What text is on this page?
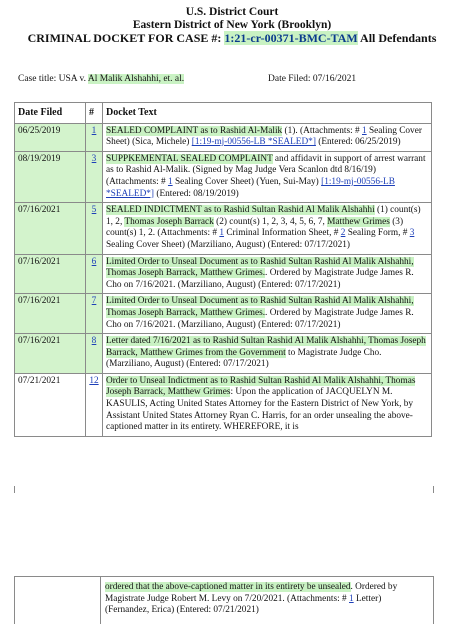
U.S. District Court
Eastern District of New York (Brooklyn)
CRIMINAL DOCKET FOR CASE #: 1:21-cr-00371-BMC-TAM All Defendants
Case title: USA v. Al Malik Alshahhi, et. al.	Date Filed: 07/16/2021
Date Filed	#	Docket Text
06/25/2019	1	SEALED COMPLAINT as to Rashid Al-Malik (1). (Attachments: # 1 Sealing Cover Sheet) (Sica, Michele) [1:19-mj-00556-LB *SEALED*] (Entered: 06/25/2019)
08/19/2019	3	SUPPKEMENTAL SEALED COMPLAINT and affidavit in support of arrest warrant as to Rashid Al-Malik. (Signed by Mag Judge Vera Scanlon dtd 8/16/19) (Attachments: # 1 Sealing Cover Sheet) (Yuen, Sui-May) [1:19-mj-00556-LB *SEALED*] (Entered: 08/19/2019)
07/16/2021	5	SEALED INDICTMENT as to Rashid Sultan Rashid Al Malik Alshahhi (1) count(s) 1, 2, Thomas Joseph Barrack (2) count(s) 1, 2, 3, 4, 5, 6, 7, Matthew Grimes (3) count(s) 1, 2. (Attachments: # 1 Criminal Information Sheet, # 2 Sealing Form, # 3 Sealing Cover Sheet) (Marziliano, August) (Entered: 07/17/2021)
07/16/2021	6	Limited Order to Unseal Document as to Rashid Sultan Rashid Al Malik Alshahhi, Thomas Joseph Barrack, Matthew Grimes.. Ordered by Magistrate Judge James R. Cho on 7/16/2021. (Marziliano, August) (Entered: 07/17/2021)
07/16/2021	7	Limited Order to Unseal Document as to Rashid Sultan Rashid Al Malik Alshahhi, Thomas Joseph Barrack, Matthew Grimes.. Ordered by Magistrate Judge James R. Cho on 7/16/2021. (Marziliano, August) (Entered: 07/17/2021)
07/16/2021	8	Letter dated 7/16/2021 as to Rashid Sultan Rashid Al Malik Alshahhi, Thomas Joseph Barrack, Matthew Grimes from the Government to Magistrate Judge Cho. (Marziliano, August) (Entered: 07/17/2021)
07/21/2021	12	Order to Unseal Indictment as to Rashid Sultan Rashid Al Malik Alshahhi, Thomas Joseph Barrack, Matthew Grimes: Upon the application of JACQUELYN M. KASULIS, Acting United States Attorney for the Eastern District of New York, by Assistant United States Attorney Ryan C. Harris, for an order unsealing the above-captioned matter in its entirety. WHEREFORE, it is
ordered that the above-captioned matter in its entirety be unsealed. Ordered by Magistrate Judge Robert M. Levy on 7/20/2021. (Attachments: # 1 Letter) (Fernandez, Erica) (Entered: 07/21/2021)
